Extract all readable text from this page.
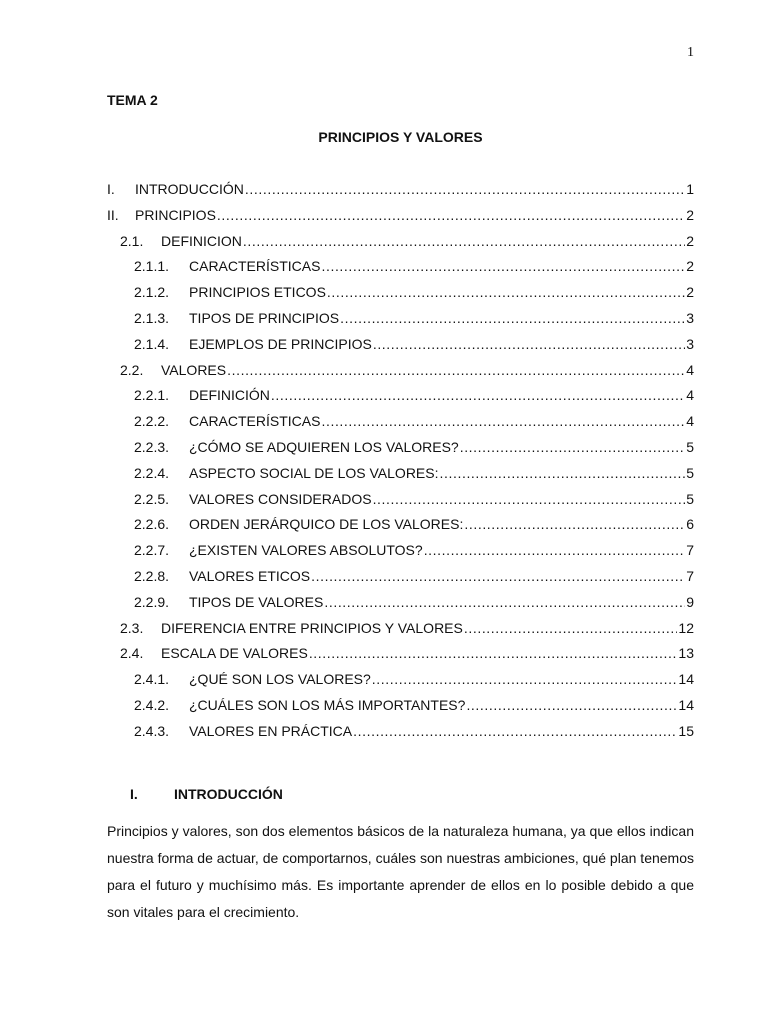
1
TEMA 2
PRINCIPIOS Y VALORES
I.	INTRODUCCIÓN .....	1
II.	PRINCIPIOS .....	2
2.1.	DEFINICION .....	2
2.1.1.	CARACTERÍSTICAS .....	2
2.1.2.	PRINCIPIOS ETICOS .....	2
2.1.3.	TIPOS DE PRINCIPIOS .....	3
2.1.4.	EJEMPLOS DE PRINCIPIOS .....	3
2.2.	VALORES .....	4
2.2.1.	DEFINICIÓN .....	4
2.2.2.	CARACTERÍSTICAS .....	4
2.2.3.	¿CÓMO SE ADQUIEREN LOS VALORES? .....	5
2.2.4.	ASPECTO SOCIAL DE LOS VALORES: .....	5
2.2.5.	VALORES CONSIDERADOS .....	5
2.2.6.	ORDEN JERÁRQUICO DE LOS VALORES: .....	6
2.2.7.	¿EXISTEN VALORES ABSOLUTOS? .....	7
2.2.8.	VALORES ETICOS .....	7
2.2.9.	TIPOS DE VALORES .....	9
2.3.	DIFERENCIA ENTRE PRINCIPIOS Y VALORES .....	12
2.4.	ESCALA DE VALORES .....	13
2.4.1.	¿QUÉ SON LOS VALORES? .....	14
2.4.2.	¿CUÁLES SON LOS MÁS IMPORTANTES? .....	14
2.4.3.	VALORES EN PRÁCTICA .....	15
I.	INTRODUCCIÓN

Principios y valores, son dos elementos básicos de la naturaleza humana, ya que ellos indican nuestra forma de actuar, de comportarnos, cuáles son nuestras ambiciones, qué plan tenemos para el futuro y muchísimo más. Es importante aprender de ellos en lo posible debido a que son vitales para el crecimiento.
